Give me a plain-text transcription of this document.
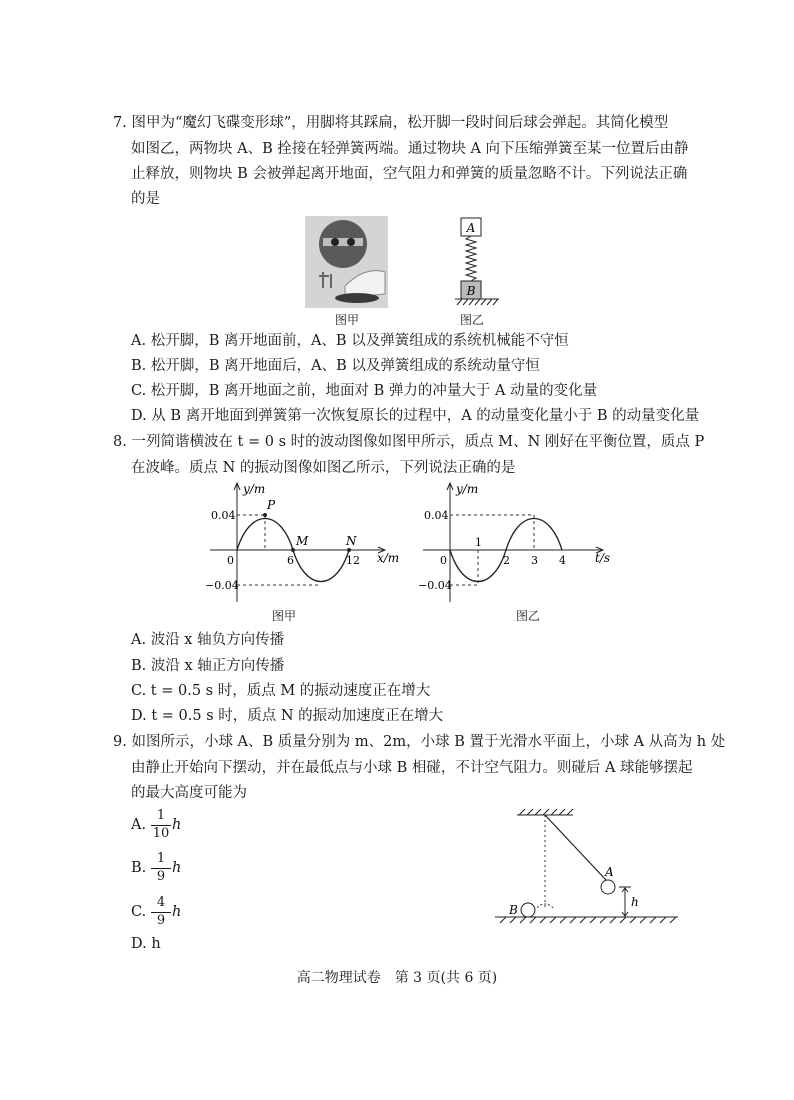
7. 图甲为“魔幻飞碟变形球”，用脚将其踩扁，松开脚一段时间后球会弹起。其简化模型
如图乙，两物块 A、B 拴接在轻弹簧两端。通过物块 A 向下压缩弹簧至某一位置后由静
止释放，则物块 B 会被弹起离开地面，空气阻力和弹簧的质量忽略不计。下列说法正确
的是
图甲
A
B
图乙
A. 松开脚，B 离开地面前，A、B 以及弹簧组成的系统机械能不守恒
B. 松开脚，B 离开地面后，A、B 以及弹簧组成的系统动量守恒
C. 松开脚，B 离开地面之前，地面对 B 弹力的冲量大于 A 动量的变化量
D. 从 B 离开地面到弹簧第一次恢复原长的过程中，A 的动量变化量小于 B 的动量变化量
8. 一列简谐横波在 t = 0 s 时的波动图像如图甲所示，质点 M、N 刚好在平衡位置，质点 P
在波峰。质点 N 的振动图像如图乙所示，下列说法正确的是
y/m
x/m
0.04
−0.04
0	6	12
P
M	N
图甲
y/m
t/s
0.04
−0.04
0
1
2 3 4
图乙
A. 波沿 x 轴负方向传播
B. 波沿 x 轴正方向传播
C. t = 0.5 s 时，质点 M 的振动速度正在增大
D. t = 0.5 s 时，质点 N 的振动加速度正在增大
9. 如图所示，小球 A、B 质量分别为 m、2m，小球 B 置于光滑水平面上，小球 A 从高为 h 处
由静止开始向下摆动，并在最低点与小球 B 相碰，不计空气阻力。则碰后 A 球能够摆起
的最大高度可能为
A.
1
10
h
B.
1
9
h
C.
4
9
h
D. h
A
B
h
高二物理试卷　第 3 页(共 6 页)
